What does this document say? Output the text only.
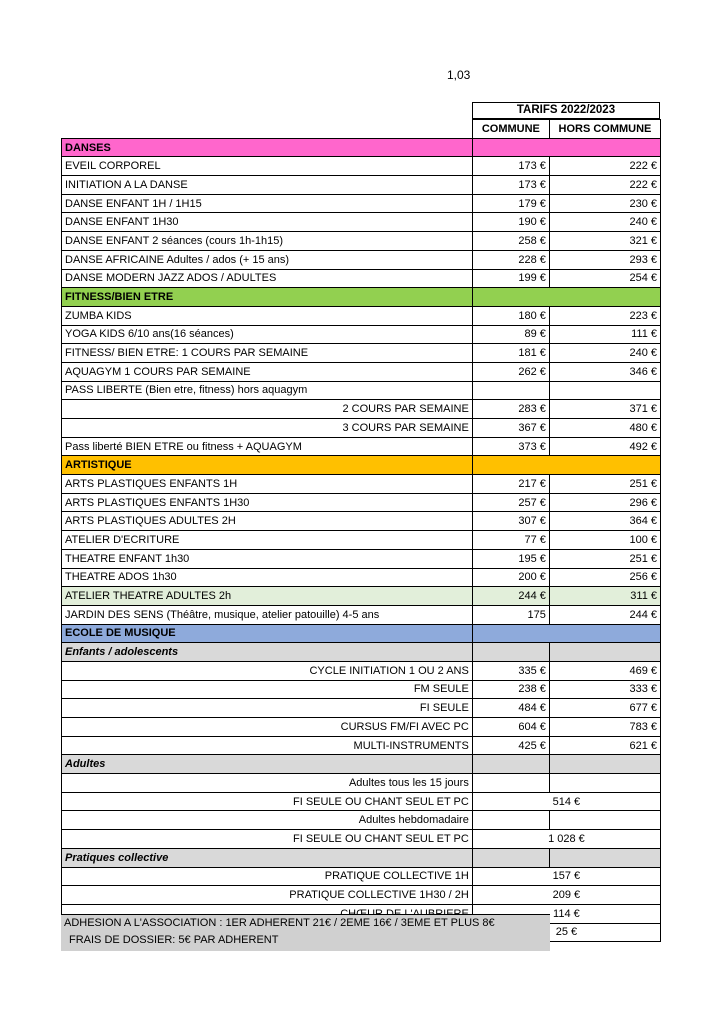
1,03
TARIFS 2022/2023
	COMMUNE	HORS COMMUNE
DANSES		
EVEIL CORPOREL	173 €	222 €
INITIATION A LA DANSE	173 €	222 €
DANSE ENFANT 1H / 1H15	179 €	230 €
DANSE ENFANT 1H30	190 €	240 €
DANSE ENFANT 2 séances (cours 1h-1h15)	258 €	321 €
DANSE AFRICAINE Adultes / ados (+ 15 ans)	228 €	293 €
DANSE MODERN JAZZ ADOS / ADULTES	199 €	254 €
FITNESS/BIEN ETRE		
ZUMBA KIDS	180 €	223 €
YOGA KIDS 6/10 ans(16 séances)	89 €	111 €
FITNESS/ BIEN ETRE: 1 COURS PAR SEMAINE	181 €	240 €
AQUAGYM 1 COURS PAR SEMAINE	262 €	346 €
PASS LIBERTE (Bien etre, fitness) hors aquagym		
2 COURS PAR SEMAINE	283 €	371 €
3 COURS PAR SEMAINE	367 €	480 €
Pass liberté BIEN ETRE ou fitness + AQUAGYM	373 €	492 €
ARTISTIQUE		
ARTS PLASTIQUES ENFANTS 1H	217 €	251 €
ARTS PLASTIQUES ENFANTS 1H30	257 €	296 €
ARTS PLASTIQUES ADULTES 2H	307 €	364 €
ATELIER D'ECRITURE	77 €	100 €
THEATRE ENFANT 1h30	195 €	251 €
THEATRE ADOS 1h30	200 €	256 €
ATELIER THEATRE ADULTES 2h	244 €	311 €
JARDIN DES SENS (Théâtre, musique, atelier patouille) 4-5 ans	175	244 €
ECOLE DE MUSIQUE		
Enfants / adolescents		
CYCLE INITIATION 1 OU 2 ANS	335 €	469 €
FM SEULE	238 €	333 €
FI SEULE	484 €	677 €
CURSUS FM/FI AVEC PC	604 €	783 €
MULTI-INSTRUMENTS	425 €	621 €
Adultes		
Adultes tous les 15 jours		
FI SEULE OU CHANT SEUL ET PC	514 €	
Adultes hebdomadaire		
FI SEULE OU CHANT SEUL ET PC	1 028 €	
Pratiques collective		
PRATIQUE COLLECTIVE 1H	157 €	
PRATIQUE COLLECTIVE 1H30 / 2H	209 €	
	114 €	
	25 €	
ADHESION A L'ASSOCIATION : 1ER ADHERENT 21€ / 2EME 16€ / 3EME ET PLUS 8€
FRAIS DE DOSSIER: 5€ PAR ADHERENT
